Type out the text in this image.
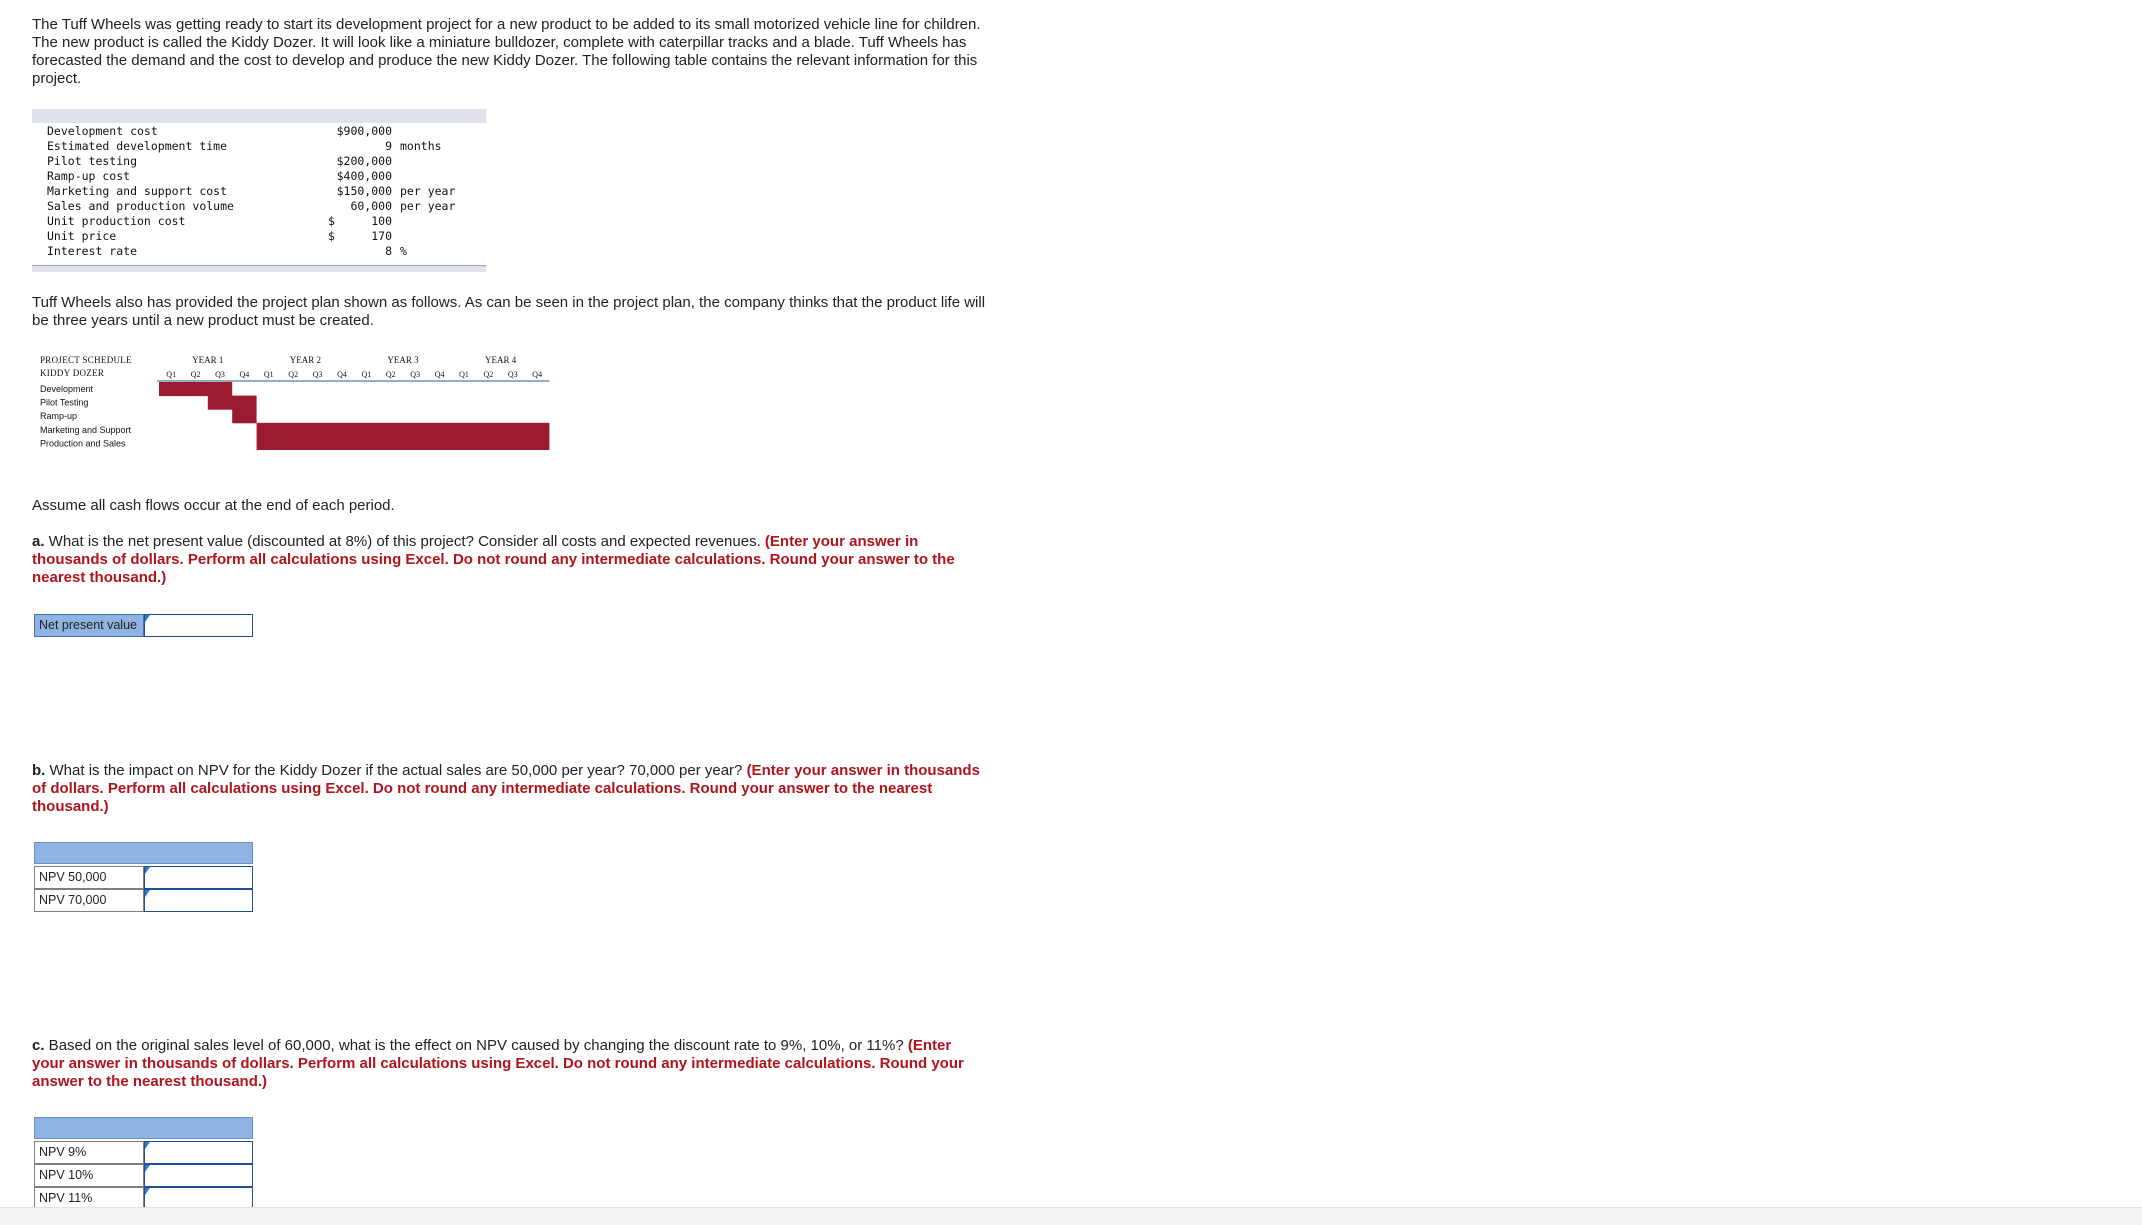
The Tuff Wheels was getting ready to start its development project for a new product to be added to its small motorized vehicle line for children. The new product is called the Kiddy Dozer. It will look like a miniature bulldozer, complete with caterpillar tracks and a blade. Tuff Wheels has forecasted the demand and the cost to develop and produce the new Kiddy Dozer. The following table contains the relevant information for this project.
Development cost	$900,000
Estimated development time	9 months
Pilot testing	$200,000
Ramp-up cost	$400,000
Marketing and support cost	$150,000 per year
Sales and production volume	60,000 per year
Unit production cost	$	100
Unit price	$	170
Interest rate	8 %
Tuff Wheels also has provided the project plan shown as follows. As can be seen in the project plan, the company thinks that the product life will be three years until a new product must be created.
PROJECT SCHEDULE
KIDDY DOZER
YEAR 1	YEAR 2	YEAR 3	YEAR 4
Q1 Q2 Q3 Q4 Q1 Q2 Q3 Q4 Q1 Q2 Q3 Q4 Q1 Q2 Q3 Q4
Development
Pilot Testing
Ramp-up
Marketing and Support
Production and Sales
Assume all cash flows occur at the end of each period.
a. What is the net present value (discounted at 8%) of this project? Consider all costs and expected revenues. (Enter your answer in thousands of dollars. Perform all calculations using Excel. Do not round any intermediate calculations. Round your answer to the nearest thousand.)
Net present value
b. What is the impact on NPV for the Kiddy Dozer if the actual sales are 50,000 per year? 70,000 per year? (Enter your answer in thousands of dollars. Perform all calculations using Excel. Do not round any intermediate calculations. Round your answer to the nearest thousand.)
NPV 50,000
NPV 70,000
c. Based on the original sales level of 60,000, what is the effect on NPV caused by changing the discount rate to 9%, 10%, or 11%? (Enter your answer in thousands of dollars. Perform all calculations using Excel. Do not round any intermediate calculations. Round your answer to the nearest thousand.)
NPV 9%
NPV 10%
NPV 11%
